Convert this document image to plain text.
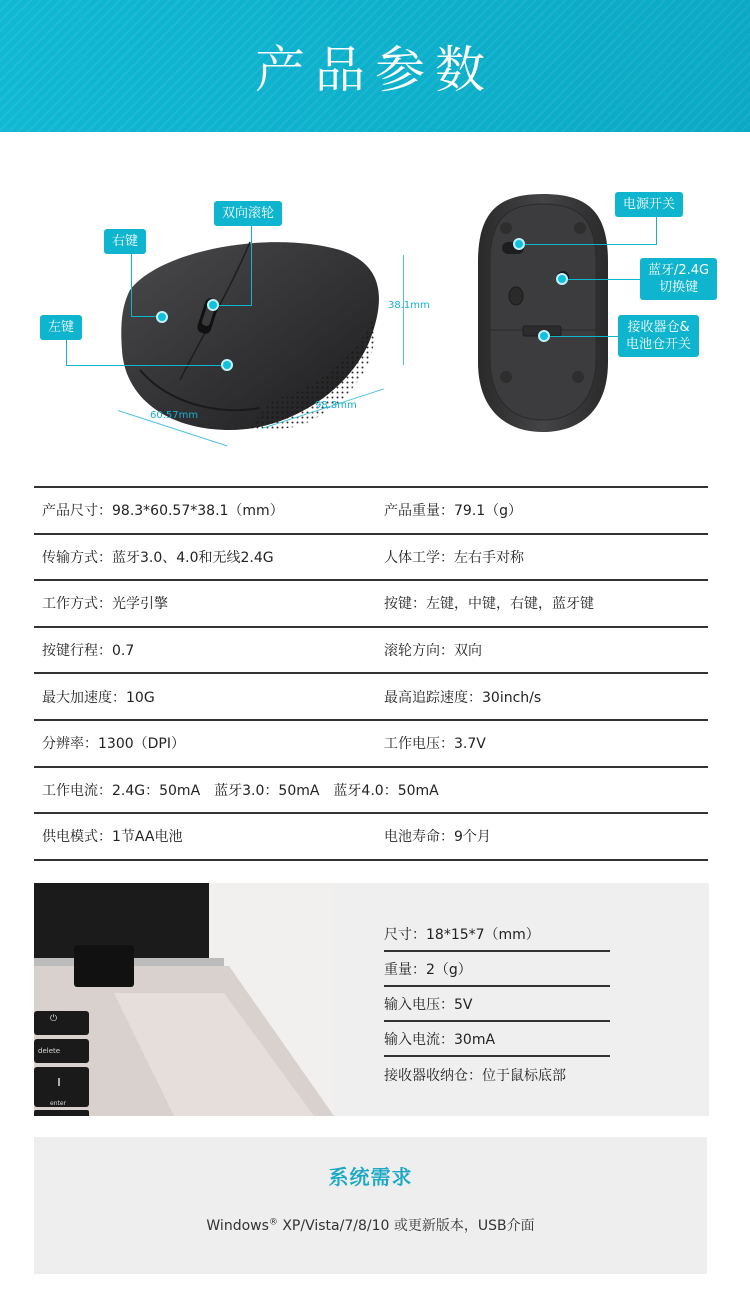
产品参数
右键
双向滚轮
左键
38.1mm
60.57mm
98.3mm
电源开关
蓝牙/2.4G
切换键
接收器仓&
电池仓开关
产品尺寸：98.3*60.57*38.1（mm）	产品重量：79.1（g）
传输方式：蓝牙3.0、4.0和无线2.4G	人体工学：左右手对称
工作方式：光学引擎	按键：左键，中键，右键，蓝牙键
按键行程：0.7	滚轮方向：双向
最大加速度：10G	最高追踪速度：30inch/s
分辨率：1300（DPI）	工作电压：3.7V
工作电流：2.4G：50mA　蓝牙3.0：50mA　蓝牙4.0：50mA
供电模式：1节AA电池	电池寿命：9个月
⏻
delete
enter
尺寸：18*15*7（mm）
重量：2（g）
输入电压：5V
输入电流：30mA
接收器收纳仓：位于鼠标底部
系统需求
Windows® XP/Vista/7/8/10 或更新版本，USB介面
